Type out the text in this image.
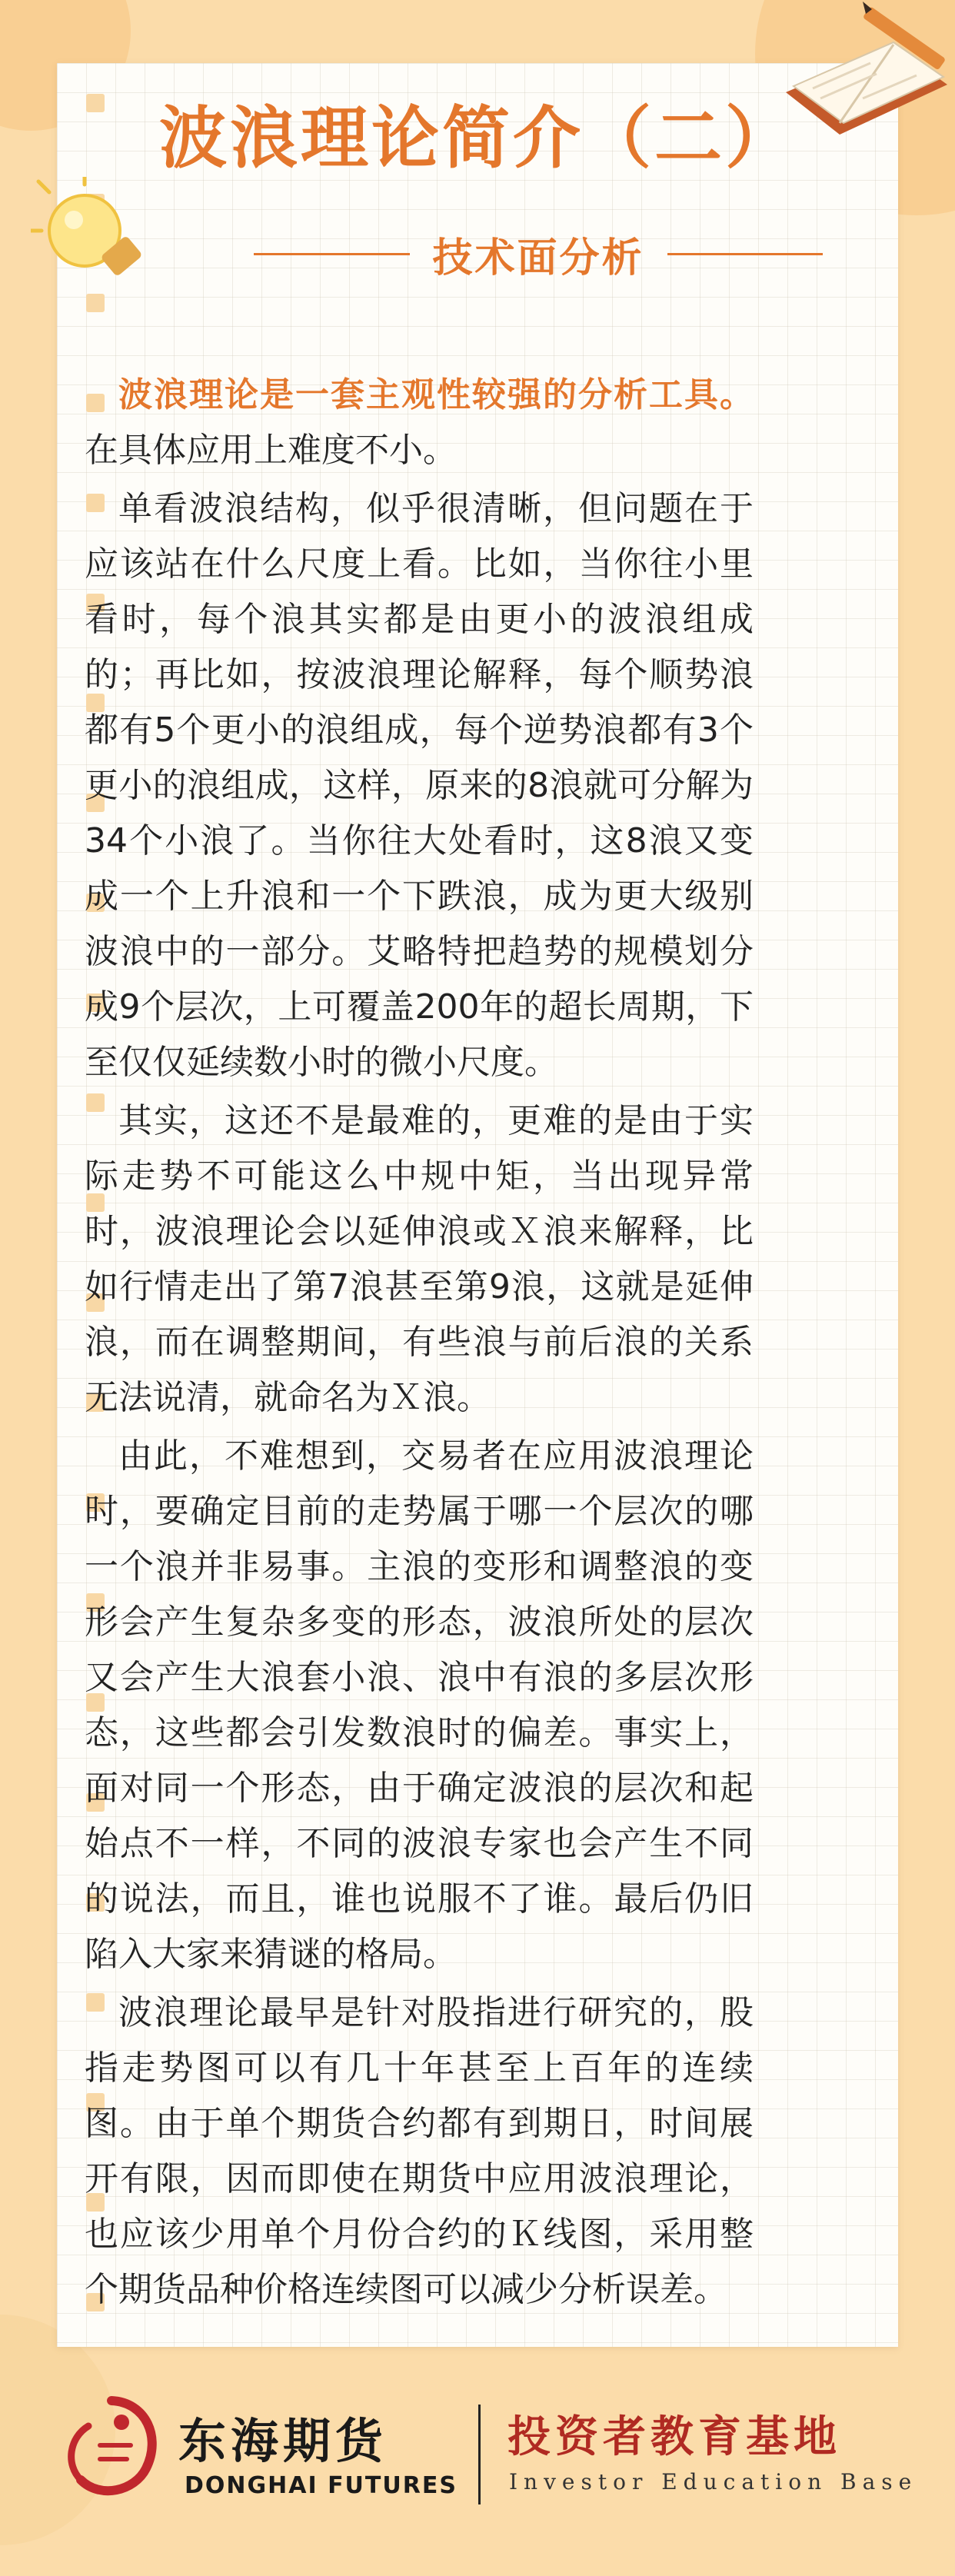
波浪理论简介（二）
技术面分析

波浪理论是一套主观性较强的分析工具。在具体应用上难度不小。

单看波浪结构，似乎很清晰，但问题在于应该站在什么尺度上看。比如，当你往小里看时，每个浪其实都是由更小的波浪组成的；再比如，按波浪理论解释，每个顺势浪都有5个更小的浪组成，每个逆势浪都有3个更小的浪组成，这样，原来的8浪就可分解为34个小浪了。当你往大处看时，这8浪又变成一个上升浪和一个下跌浪，成为更大级别波浪中的一部分。艾略特把趋势的规模划分成9个层次，上可覆盖200年的超长周期，下至仅仅延续数小时的微小尺度。

其实，这还不是最难的，更难的是由于实际走势不可能这么中规中矩，当出现异常时，波浪理论会以延伸浪或Ｘ浪来解释，比如行情走出了第7浪甚至第9浪，这就是延伸浪，而在调整期间，有些浪与前后浪的关系无法说清，就命名为Ｘ浪。

由此，不难想到，交易者在应用波浪理论时，要确定目前的走势属于哪一个层次的哪一个浪并非易事。主浪的变形和调整浪的变形会产生复杂多变的形态，波浪所处的层次又会产生大浪套小浪、浪中有浪的多层次形态，这些都会引发数浪时的偏差。事实上，面对同一个形态，由于确定波浪的层次和起始点不一样，不同的波浪专家也会产生不同的说法，而且，谁也说服不了谁。最后仍旧陷入大家来猜谜的格局。

波浪理论最早是针对股指进行研究的，股指走势图可以有几十年甚至上百年的连续图。由于单个期货合约都有到期日，时间展开有限，因而即使在期货中应用波浪理论，也应该少用单个月份合约的Ｋ线图，采用整个期货品种价格连续图可以减少分析误差。

东海期货

DONGHAI FUTURES

投资者教育基地

Investor Education Base
